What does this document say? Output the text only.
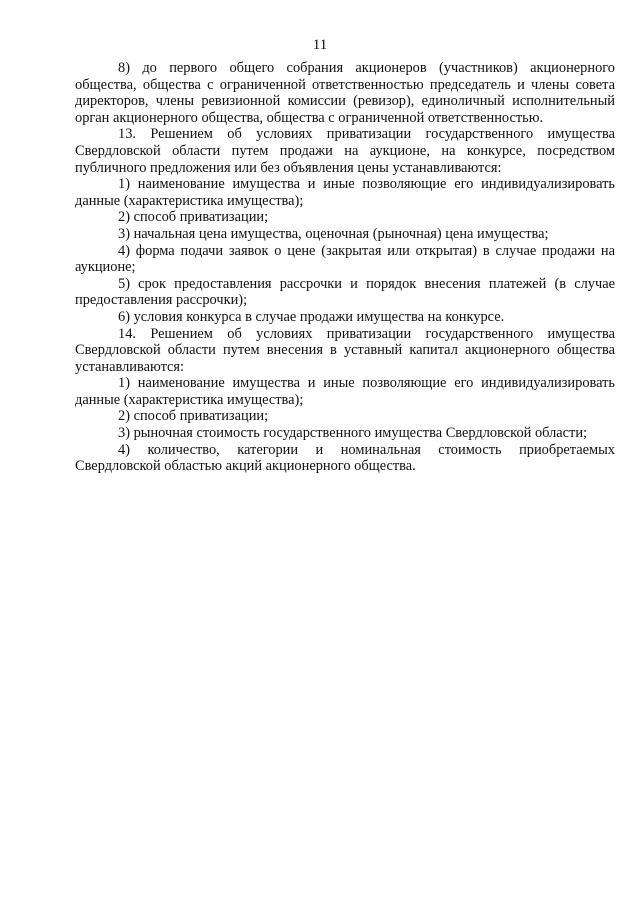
11

8) до первого общего собрания акционеров (участников) акционерного общества, общества с ограниченной ответственностью председатель и члены совета директоров, члены ревизионной комиссии (ревизор), единоличный исполнительный орган акционерного общества, общества с ограниченной ответственностью.

13. Решением об условиях приватизации государственного имущества Свердловской области путем продажи на аукционе, на конкурсе, посредством публичного предложения или без объявления цены устанавливаются:

1) наименование имущества и иные позволяющие его индивидуализировать данные (характеристика имущества);

2) способ приватизации;

3) начальная цена имущества, оценочная (рыночная) цена имущества;

4) форма подачи заявок о цене (закрытая или открытая) в случае продажи на аукционе;

5) срок предоставления рассрочки и порядок внесения платежей (в случае предоставления рассрочки);

6) условия конкурса в случае продажи имущества на конкурсе.

14. Решением об условиях приватизации государственного имущества Свердловской области путем внесения в уставный капитал акционерного общества устанавливаются:

1) наименование имущества и иные позволяющие его индивидуализировать данные (характеристика имущества);

2) способ приватизации;

3) рыночная стоимость государственного имущества Свердловской области;

4) количество, категории и номинальная стоимость приобретаемых Свердловской областью акций акционерного общества.
